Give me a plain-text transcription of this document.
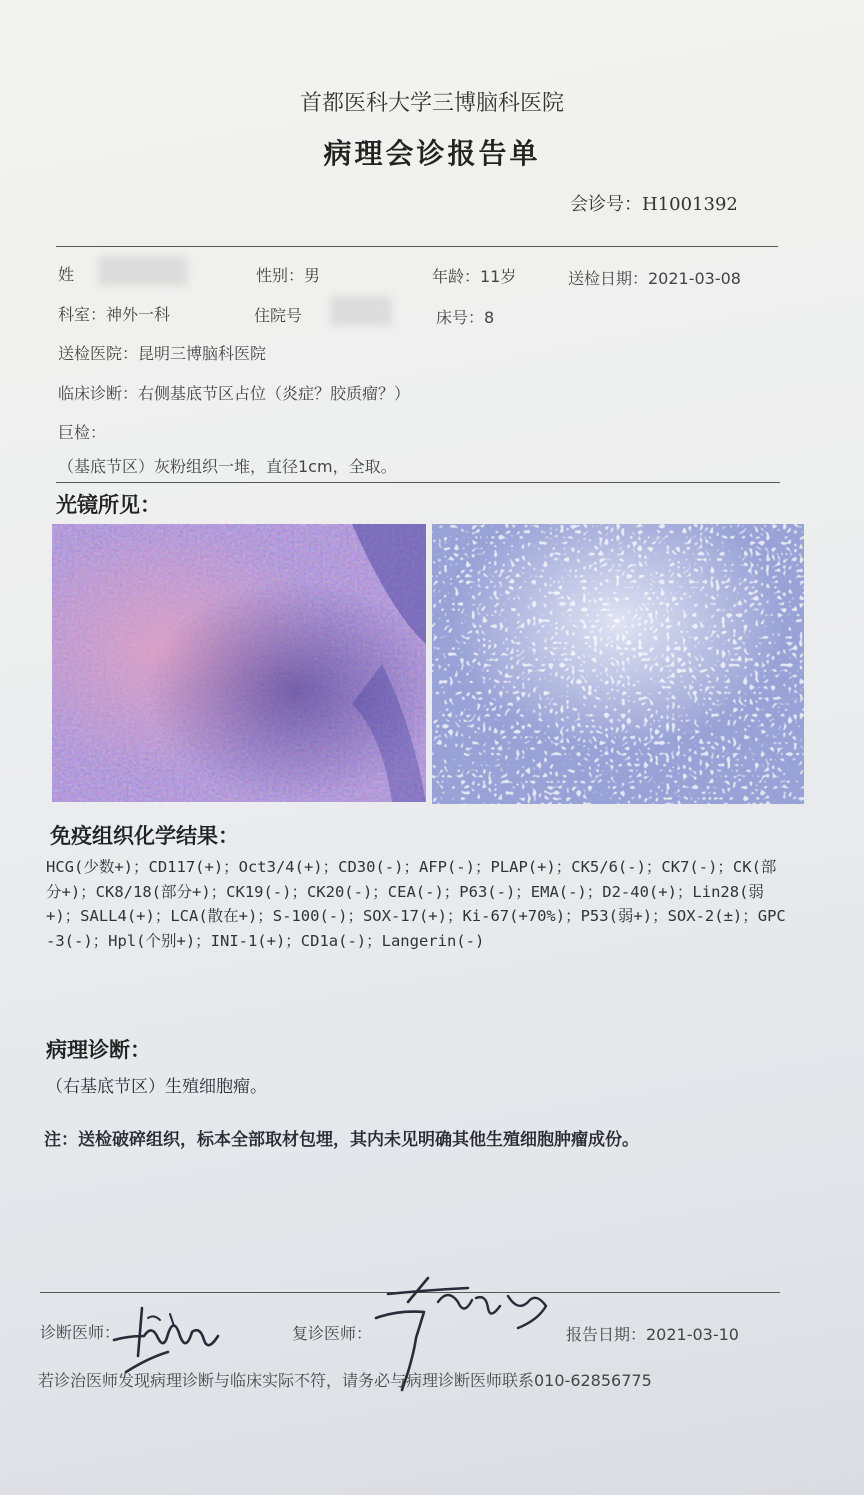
首都医科大学三博脑科医院
病理会诊报告单
会诊号：H1001392
姓	性别：男	年龄：11岁	送检日期：2021-03-08
科室：神外一科	住院号	床号：8
送检医院：昆明三博脑科医院
临床诊断：右侧基底节区占位（炎症？胶质瘤？）
巨检：
（基底节区）灰粉组织一堆，直径1cm，全取。
光镜所见：
免疫组织化学结果：
HCG(少数+)；CD117(+)；Oct3/4(+)；CD30(-)；AFP(-)；PLAP(+)；CK5/6(-)；CK7(-)；CK(部分+)；CK8/18(部分+)；CK19(-)；CK20(-)；CEA(-)；P63(-)；EMA(-)；D2-40(+)；Lin28(弱+)；SALL4(+)；LCA(散在+)；S-100(-)；SOX-17(+)；Ki-67(+70%)；P53(弱+)；SOX-2(±)；GPC-3(-)；Hpl(个别+)；INI-1(+)；CD1a(-)；Langerin(-)
病理诊断：
（右基底节区）生殖细胞瘤。
注：送检破碎组织，标本全部取材包埋，其内未见明确其他生殖细胞肿瘤成份。
诊断医师：	复诊医师：	报告日期：2021-03-10
若诊治医师发现病理诊断与临床实际不符，请务必与病理诊断医师联系010-62856775
